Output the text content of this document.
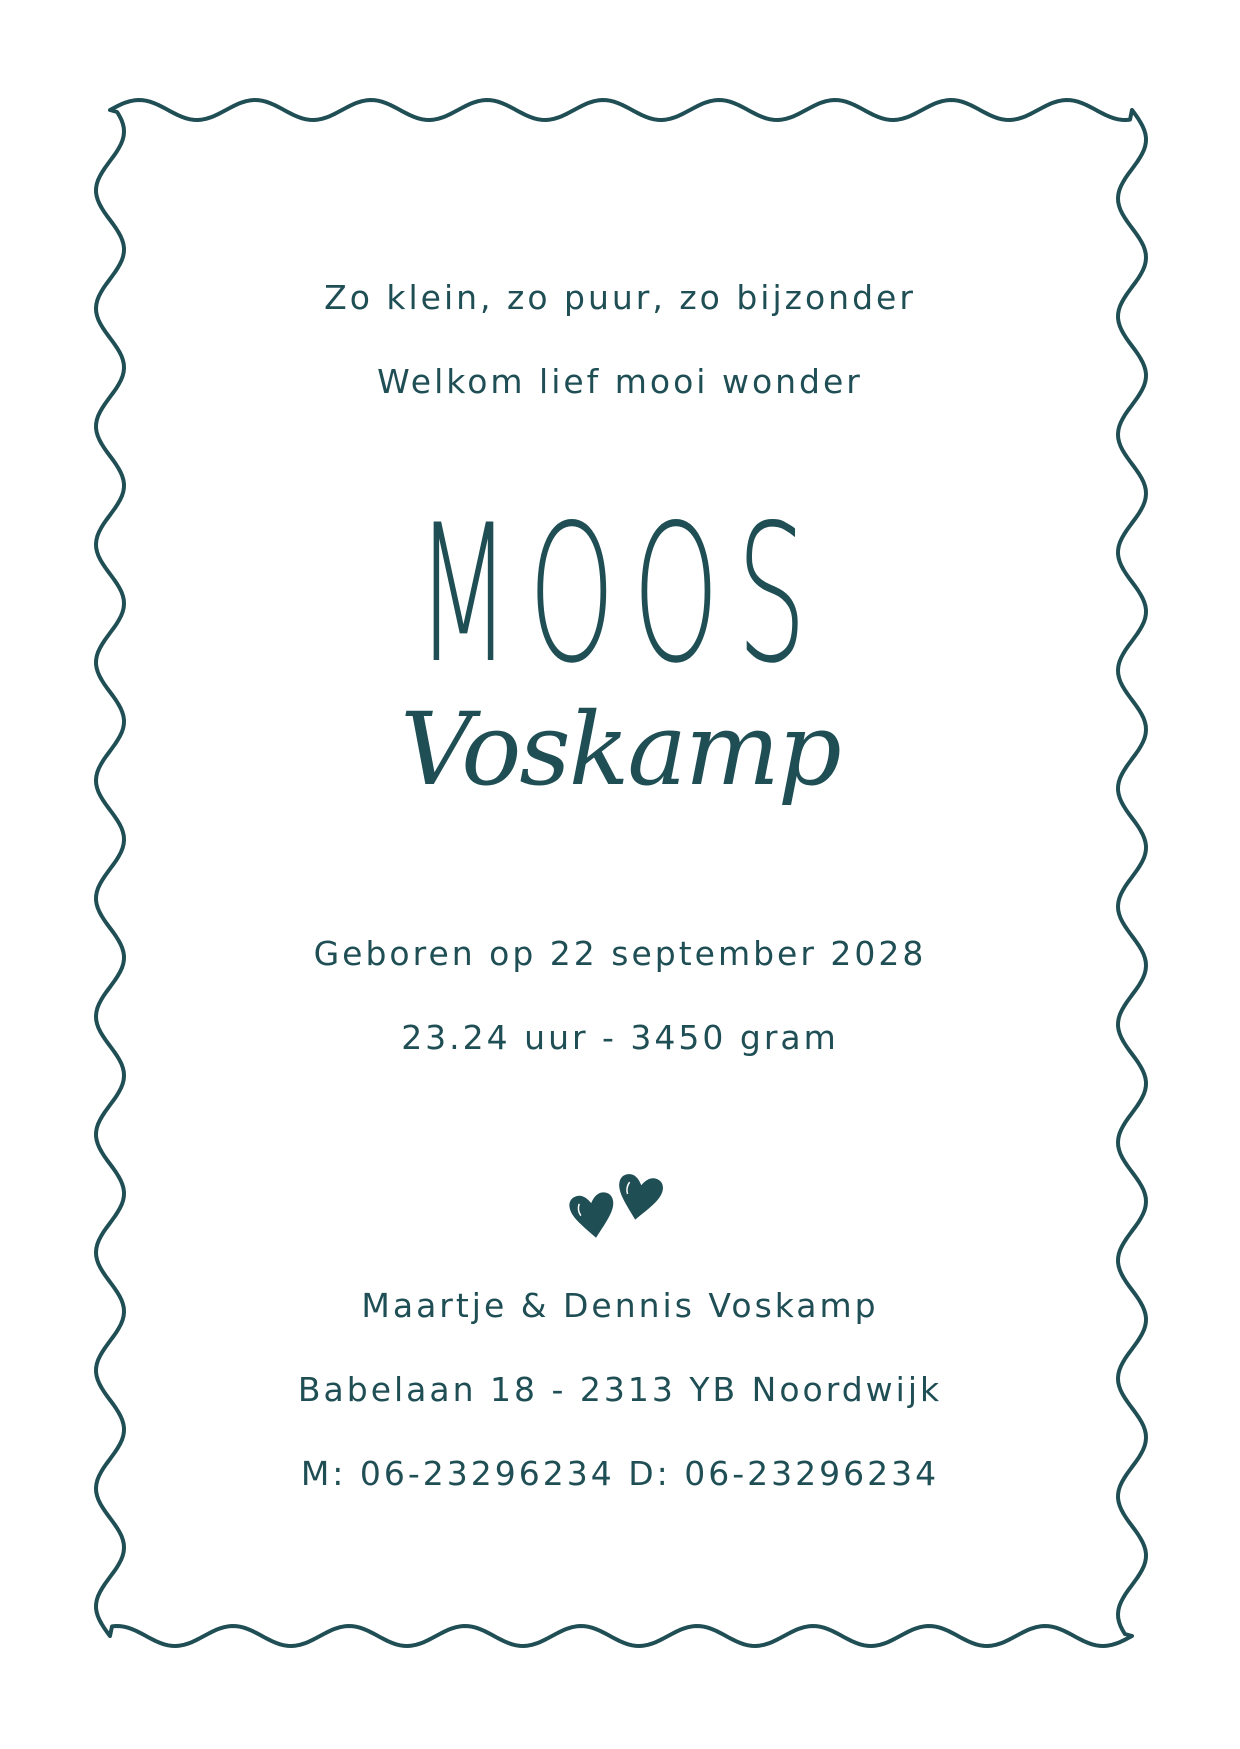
Zo klein, zo puur, zo bijzonder
Welkom lief mooi wonder
MOOS
Voskamp
Geboren op 22 september 2028
23.24 uur - 3450 gram
Maartje & Dennis Voskamp
Babelaan 18 - 2313 YB Noordwijk
M: 06-23296234 D: 06-23296234
